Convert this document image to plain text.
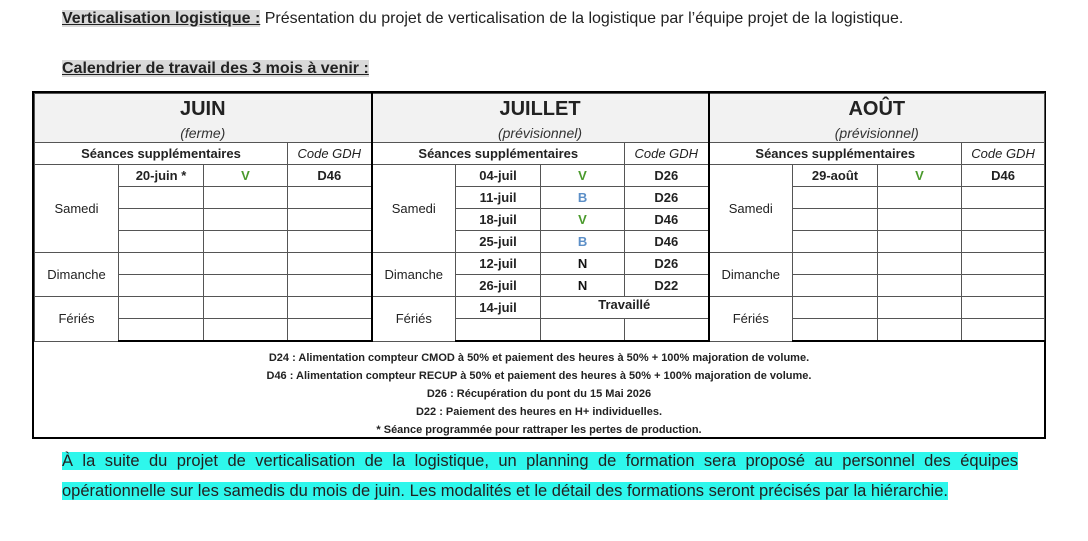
Verticalisation logistique : Présentation du projet de verticalisation de la logistique par l’équipe projet de la logistique.
Calendrier de travail des 3 mois à venir :
JUIN				JUILLET				AOÛT			
(ferme)				(prévisionnel)				(prévisionnel)			
Séances supplémentaires			Code GDH	Séances supplémentaires			Code GDH	Séances supplémentaires			Code GDH
Samedi	20-juin *	V	D46	Samedi	04-juil	V	D26	Samedi	29-août	V	D46
					11-juil	B	D26				
					18-juil	V	D46				
					25-juil	B	D46				
Dimanche				Dimanche	12-juil	N	D26	Dimanche			
					26-juil	N	D22				
Fériés				Fériés	14-juil	Travaillé		Fériés			

D24 : Alimentation compteur CMOD à 50% et paiement des heures à 50% + 100% majoration de volume.
D46 : Alimentation compteur RECUP à 50% et paiement des heures à 50% + 100% majoration de volume.
D26 : Récupération du pont du 15 Mai 2026
D22 : Paiement des heures en H+ individuelles.
* Séance programmée pour rattraper les pertes de production.
À la suite du projet de verticalisation de la logistique, un planning de formation sera proposé au personnel des équipes opérationnelle sur les samedis du mois de juin. Les modalités et le détail des formations seront précisés par la hiérarchie.
